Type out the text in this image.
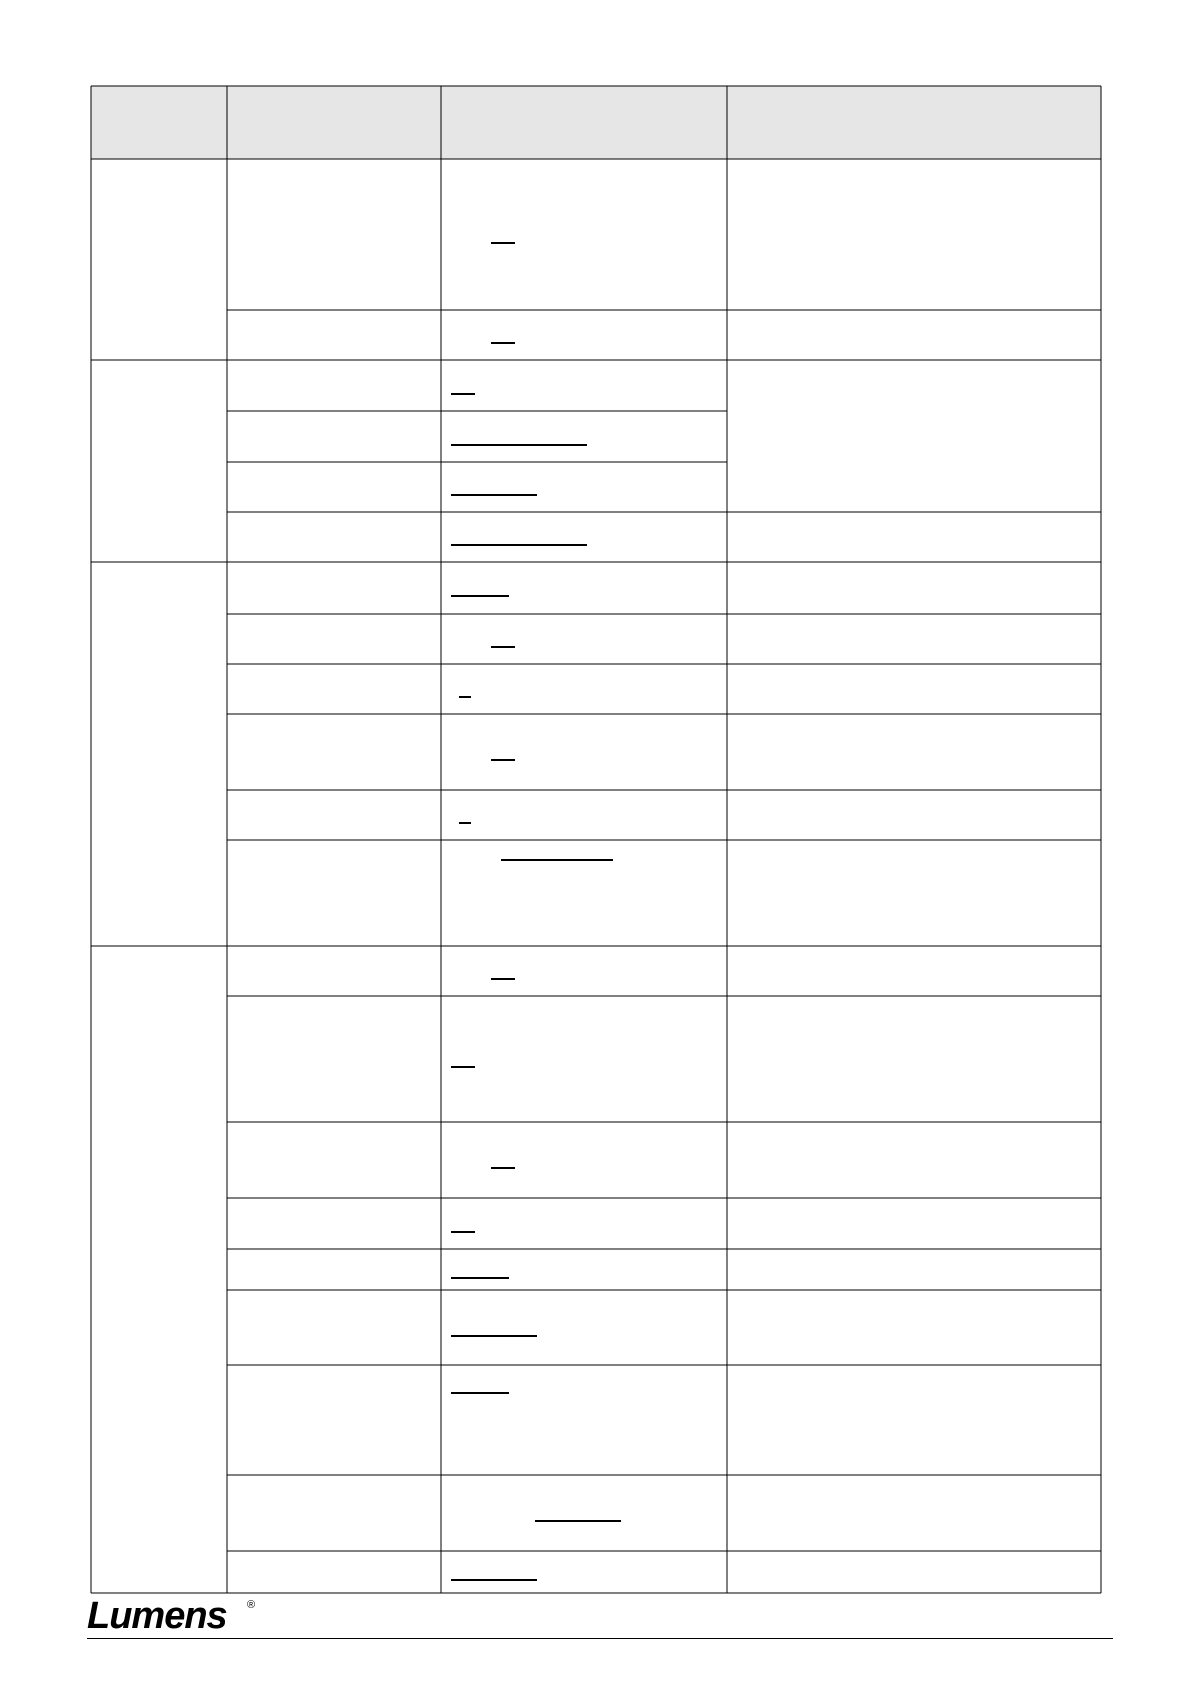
Lumens ®
